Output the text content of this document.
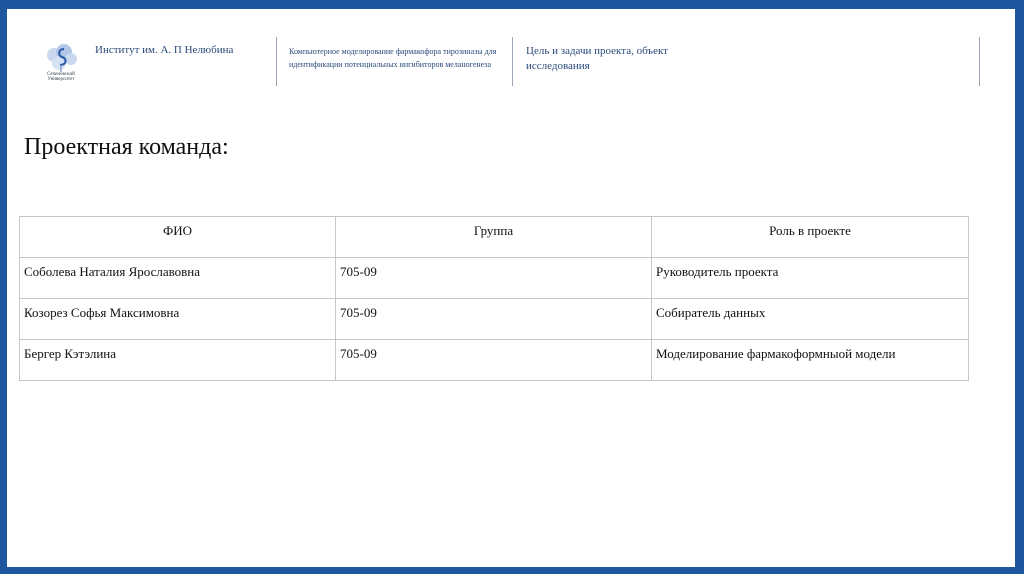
Сеченовский Университет
Институт им. А. П Нелюбина	Компьютерное моделирование фармакофора тирозиназы для идентификации потенциальных ингибиторов меланогенеза
Цель и задачи проекта, объект исследования
Проектная команда:
ФИО	Группа	Роль в проекте
Соболева Наталия Ярославовна	705-09	Руководитель проекта
Козорез Софья Максимовна	705-09	Собиратель данных
Бергер Кэтэлина	705-09	Моделирование фармакоформныой модели
